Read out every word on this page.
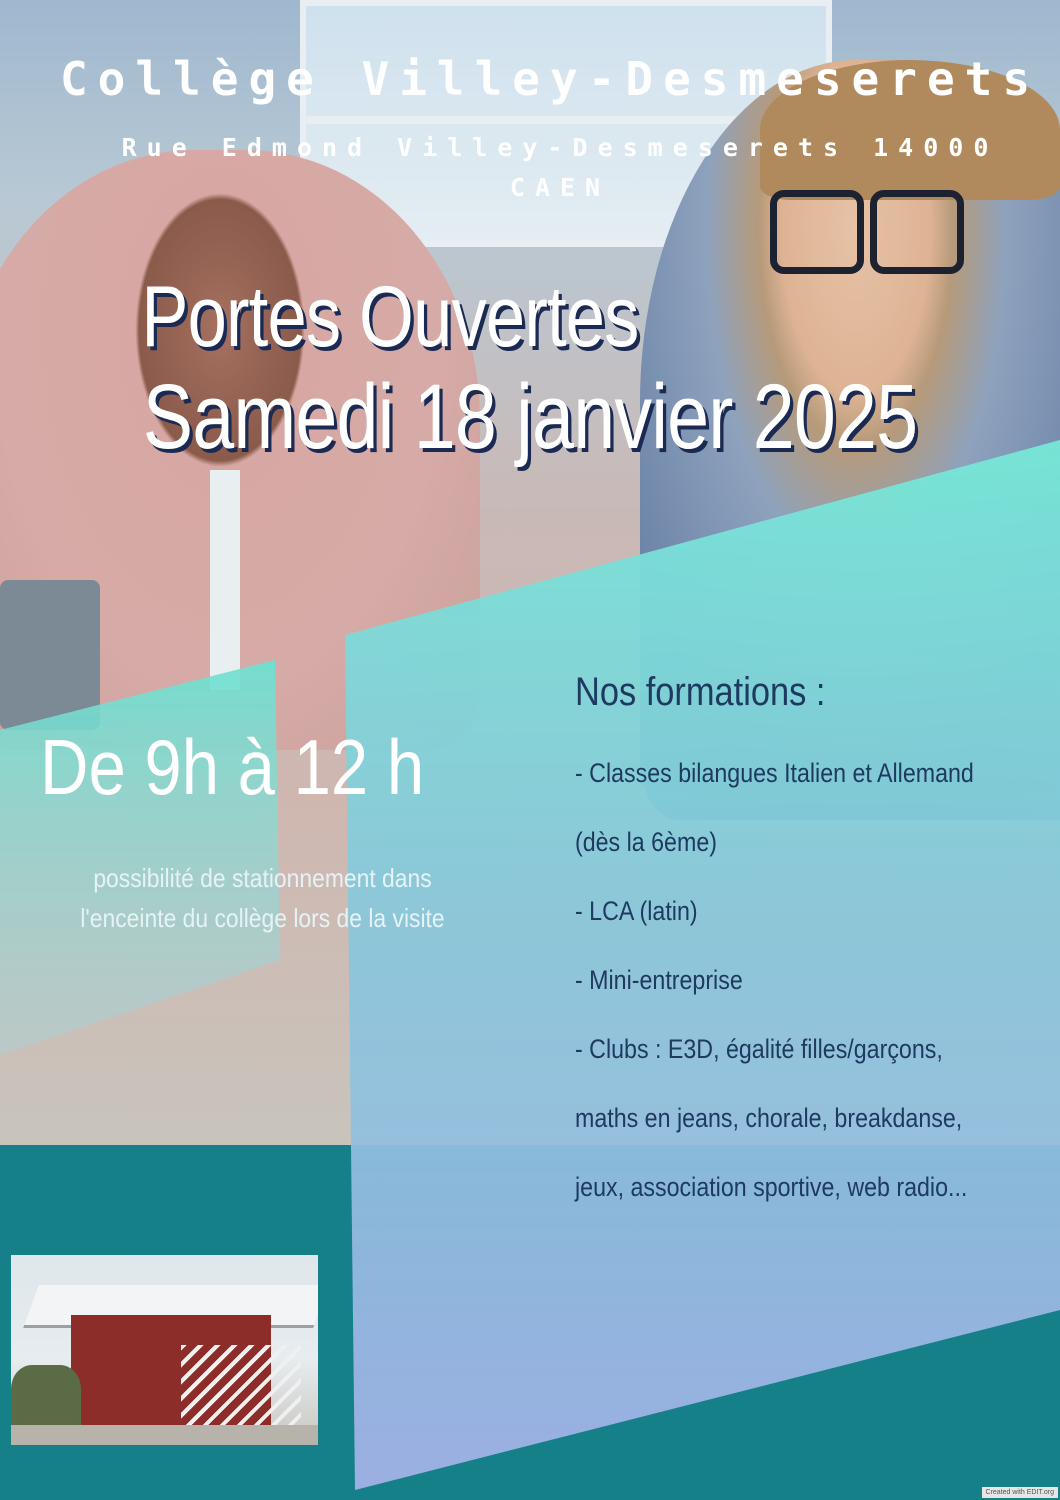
Collège Villey-Desmeserets
Rue Edmond Villey-Desmeserets 14000
CAEN
Portes Ouvertes
Samedi 18 janvier 2025
De 9h à 12 h
possibilité de stationnement dans
l'enceinte du collège lors de la visite
Nos formations :
- Classes bilangues Italien et Allemand
(dès la 6ème)
- LCA (latin)
- Mini-entreprise
- Clubs : E3D, égalité filles/garçons,
maths en jeans, chorale, breakdanse,
jeux, association sportive, web radio...
Created with EDIT.org
